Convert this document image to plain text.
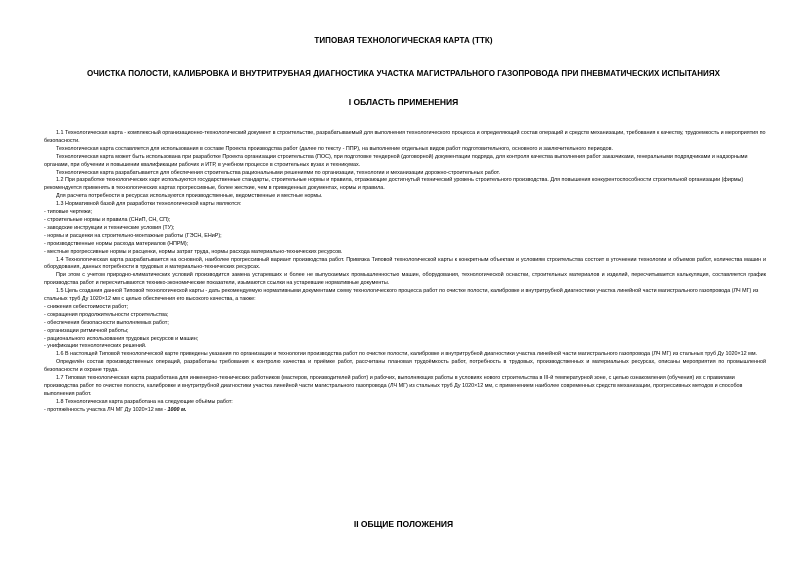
ТИПОВАЯ ТЕХНОЛОГИЧЕСКАЯ КАРТА (ТТК)
ОЧИСТКА ПОЛОСТИ, КАЛИБРОВКА И ВНУТРИТРУБНАЯ ДИАГНОСТИКА УЧАСТКА МАГИСТРАЛЬНОГО ГАЗОПРОВОДА ПРИ ПНЕВМАТИЧЕСКИХ ИСПЫТАНИЯХ
I ОБЛАСТЬ ПРИМЕНЕНИЯ

1.1 Технологическая карта - комплексный организационно-технологический документ в строительстве, разрабатываемый для выполнения технологического процесса и определяющий состав операций и средств механизации, требования к качеству, трудоемкость и мероприятия по безопасности.

Технологическая карта составляется для использования в составе Проекта производства работ (далее по тексту - ППР), на выполнение отдельных видов работ подготовительного, основного и заключительного периодов.

Технологическая карта может быть использована при разработке Проекта организации строительства (ПОС), при подготовке тендерной (договорной) документации подряда, для контроля качества выполнения работ заказчиками, генеральными подрядчиками и надзорными органами, при обучении и повышении квалификации рабочих и ИТР, в учебном процессе в строительных вузах и техникумах.

Технологическая карта разрабатывается для обеспечения строительства рациональными решениями по организации, технологии и механизации дорожно-строительных работ.

1.2 При разработке технологических карт используются государственные стандарты, строительные нормы и правила, отражающие достигнутый технический уровень строительного производства. Для повышения конкурентоспособности строительной организации (фирмы) рекомендуется применять в технологических картах прогрессивные, более жесткие, чем в приведенных документах, нормы и правила.

Для расчета потребности в ресурсах используются производственные, ведомственные и местные нормы.

1.3 Нормативной базой для разработки технологической карты являются:

- типовые чертежи;

- строительные нормы и правила (СНиП, СН, СП);

- заводские инструкции и технические условия (ТУ);

- нормы и расценки на строительно-монтажные работы (ГЭСН, ЕНиР);

- производственные нормы расхода материалов (НПРМ);

- местные прогрессивные нормы и расценки, нормы затрат труда, нормы расхода материально-технических ресурсов.

1.4 Технологическая карта разрабатывается на основной, наиболее прогрессивный вариант производства работ. Привязка Типовой технологической карты к конкретным объектам и условиям строительства состоит в уточнении технологии и объемов работ, количества машин и оборудования, данных потребности в трудовых и материально-технических ресурсах.

При этом с учетом природно-климатических условий производится замена устаревших и более не выпускаемых промышленностью машин, оборудования, технологической оснастки, строительных материалов и изделий, пересчитывается калькуляция, составляется график производства работ и пересчитываются технико-экономические показатели, изымаются ссылки на устаревшие нормативные документы.

1.5 Цель создания данной Типовой технологической карты - дать рекомендуемую нормативными документами схему технологического процесса работ по очистке полости, калибровке и внутритрубной диагностики участка линейной части магистрального газопровода (ЛЧ МГ) из стальных труб Ду 1020×12 мм с целью обеспечения его высокого качества, а также:

- снижения себестоимости работ;

- сокращения продолжительности строительства;

- обеспечения безопасности выполняемых работ;

- организации ритмичной работы;

- рационального использования трудовых ресурсов и машин;

- унификации технологических решений.

1.6 В настоящей Типовой технологической карте приведены указания по организации и технологии производства работ по очистке полости, калибровке и внутритрубной диагностики участка линейной части магистрального газопровода (ЛЧ МГ) из стальных труб Ду 1020×12 мм.

Определён состав производственных операций, разработаны требования к контролю качества и приёмке работ, рассчитаны плановая трудоёмкость работ, потребность в трудовых, производственных и материальных ресурсах, описаны мероприятия по промышленной безопасности и охране труда.

1.7 Типовая технологическая карта разработана для инженерно-технических работников (мастеров, производителей работ) и рабочих, выполняющих работы в условиях нового строительства в III-й температурной зоне, с целью ознакомления (обучения) их с правилами производства работ по очистке полости, калибровке и внутритрубной диагностики участка линейной части магистрального газопровода (ЛЧ МГ) из стальных труб Ду 1020×12 мм, с применением наиболее современных средств механизации, прогрессивных методов и способов выполнения работ.

1.8 Технологическая карта разработана на следующие объёмы работ:

- протяжённость участка ЛЧ МГ Ду 1020×12 мм - 1000 м.

II ОБЩИЕ ПОЛОЖЕНИЯ
